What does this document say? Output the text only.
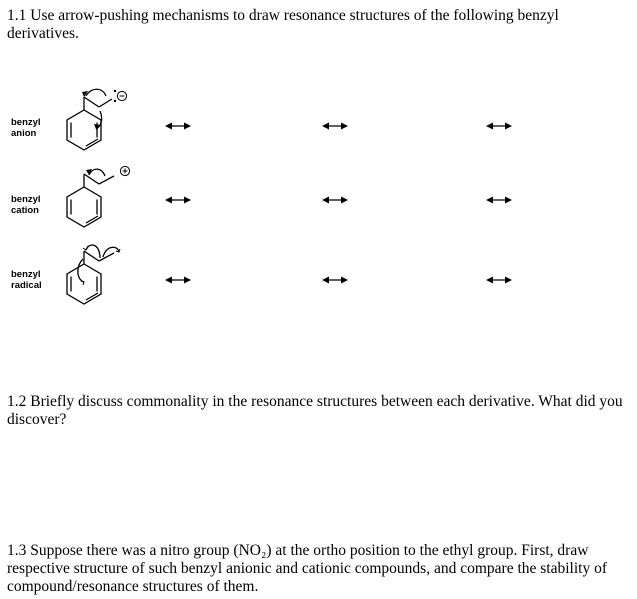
1.1 Use arrow-pushing mechanisms to draw resonance structures of the following benzyl derivatives.

benzyl
anion
benzyl
cation
benzyl
radical

1.2 Briefly discuss commonality in the resonance structures between each derivative. What did you discover?

1.3 Suppose there was a nitro group (NO₂) at the ortho position to the ethyl group. First, draw respective structure of such benzyl anionic and cationic compounds, and compare the stability of compound/resonance structures of them.
